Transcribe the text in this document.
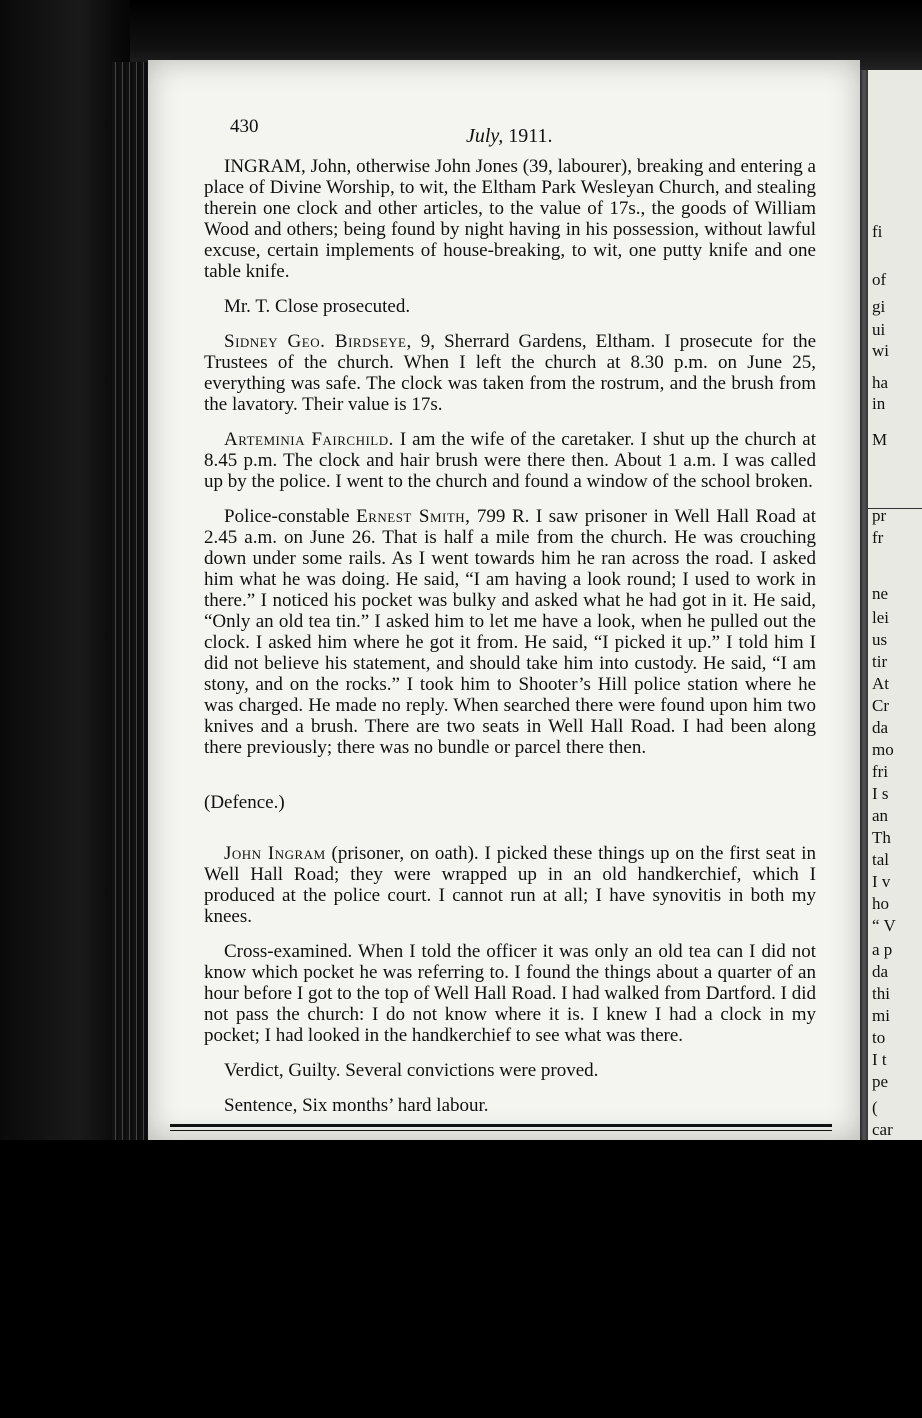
fi
of
gi
ui
wi
ha
in
M
pr
fr
ne
lei
us
tir
At
Cr
da
mo
fri
I s
an
Th
tal
I v
ho
“ V
a p
da
thi
mi
to
I t
pe
(
car
430	July, 1911.

INGRAM, John, otherwise John Jones (39, labourer), breaking and entering a place of Divine Worship, to wit, the Eltham Park Wesleyan Church, and stealing therein one clock and other articles, to the value of 17s., the goods of William Wood and others; being found by night having in his possession, without lawful excuse, certain implements of house-breaking, to wit, one putty knife and one table knife.

Mr. T. Close prosecuted.

Sidney Geo. Birdseye, 9, Sherrard Gardens, Eltham. I prosecute for the Trustees of the church. When I left the church at 8.30 p.m. on June 25, everything was safe. The clock was taken from the rostrum, and the brush from the lavatory. Their value is 17s.

Arteminia Fairchild. I am the wife of the caretaker. I shut up the church at 8.45 p.m. The clock and hair brush were there then. About 1 a.m. I was called up by the police. I went to the church and found a window of the school broken.

Police-constable Ernest Smith, 799 R. I saw prisoner in Well Hall Road at 2.45 a.m. on June 26. That is half a mile from the church. He was crouching down under some rails. As I went towards him he ran across the road. I asked him what he was doing. He said, “I am having a look round; I used to work in there.” I noticed his pocket was bulky and asked what he had got in it. He said, “Only an old tea tin.” I asked him to let me have a look, when he pulled out the clock. I asked him where he got it from. He said, “I picked it up.” I told him I did not believe his statement, and should take him into custody. He said, “I am stony, and on the rocks.” I took him to Shooter’s Hill police station where he was charged. He made no reply. When searched there were found upon him two knives and a brush. There are two seats in Well Hall Road. I had been along there previously; there was no bundle or parcel there then.

(Defence.)

John Ingram (prisoner, on oath). I picked these things up on the first seat in Well Hall Road; they were wrapped up in an old handkerchief, which I produced at the police court. I cannot run at all; I have synovitis in both my knees.

Cross-examined. When I told the officer it was only an old tea can I did not know which pocket he was referring to. I found the things about a quarter of an hour before I got to the top of Well Hall Road. I had walked from Dartford. I did not pass the church: I do not know where it is. I knew I had a clock in my pocket; I had looked in the handkerchief to see what was there.

Verdict, Guilty. Several convictions were proved.

Sentence, Six months’ hard labour.
